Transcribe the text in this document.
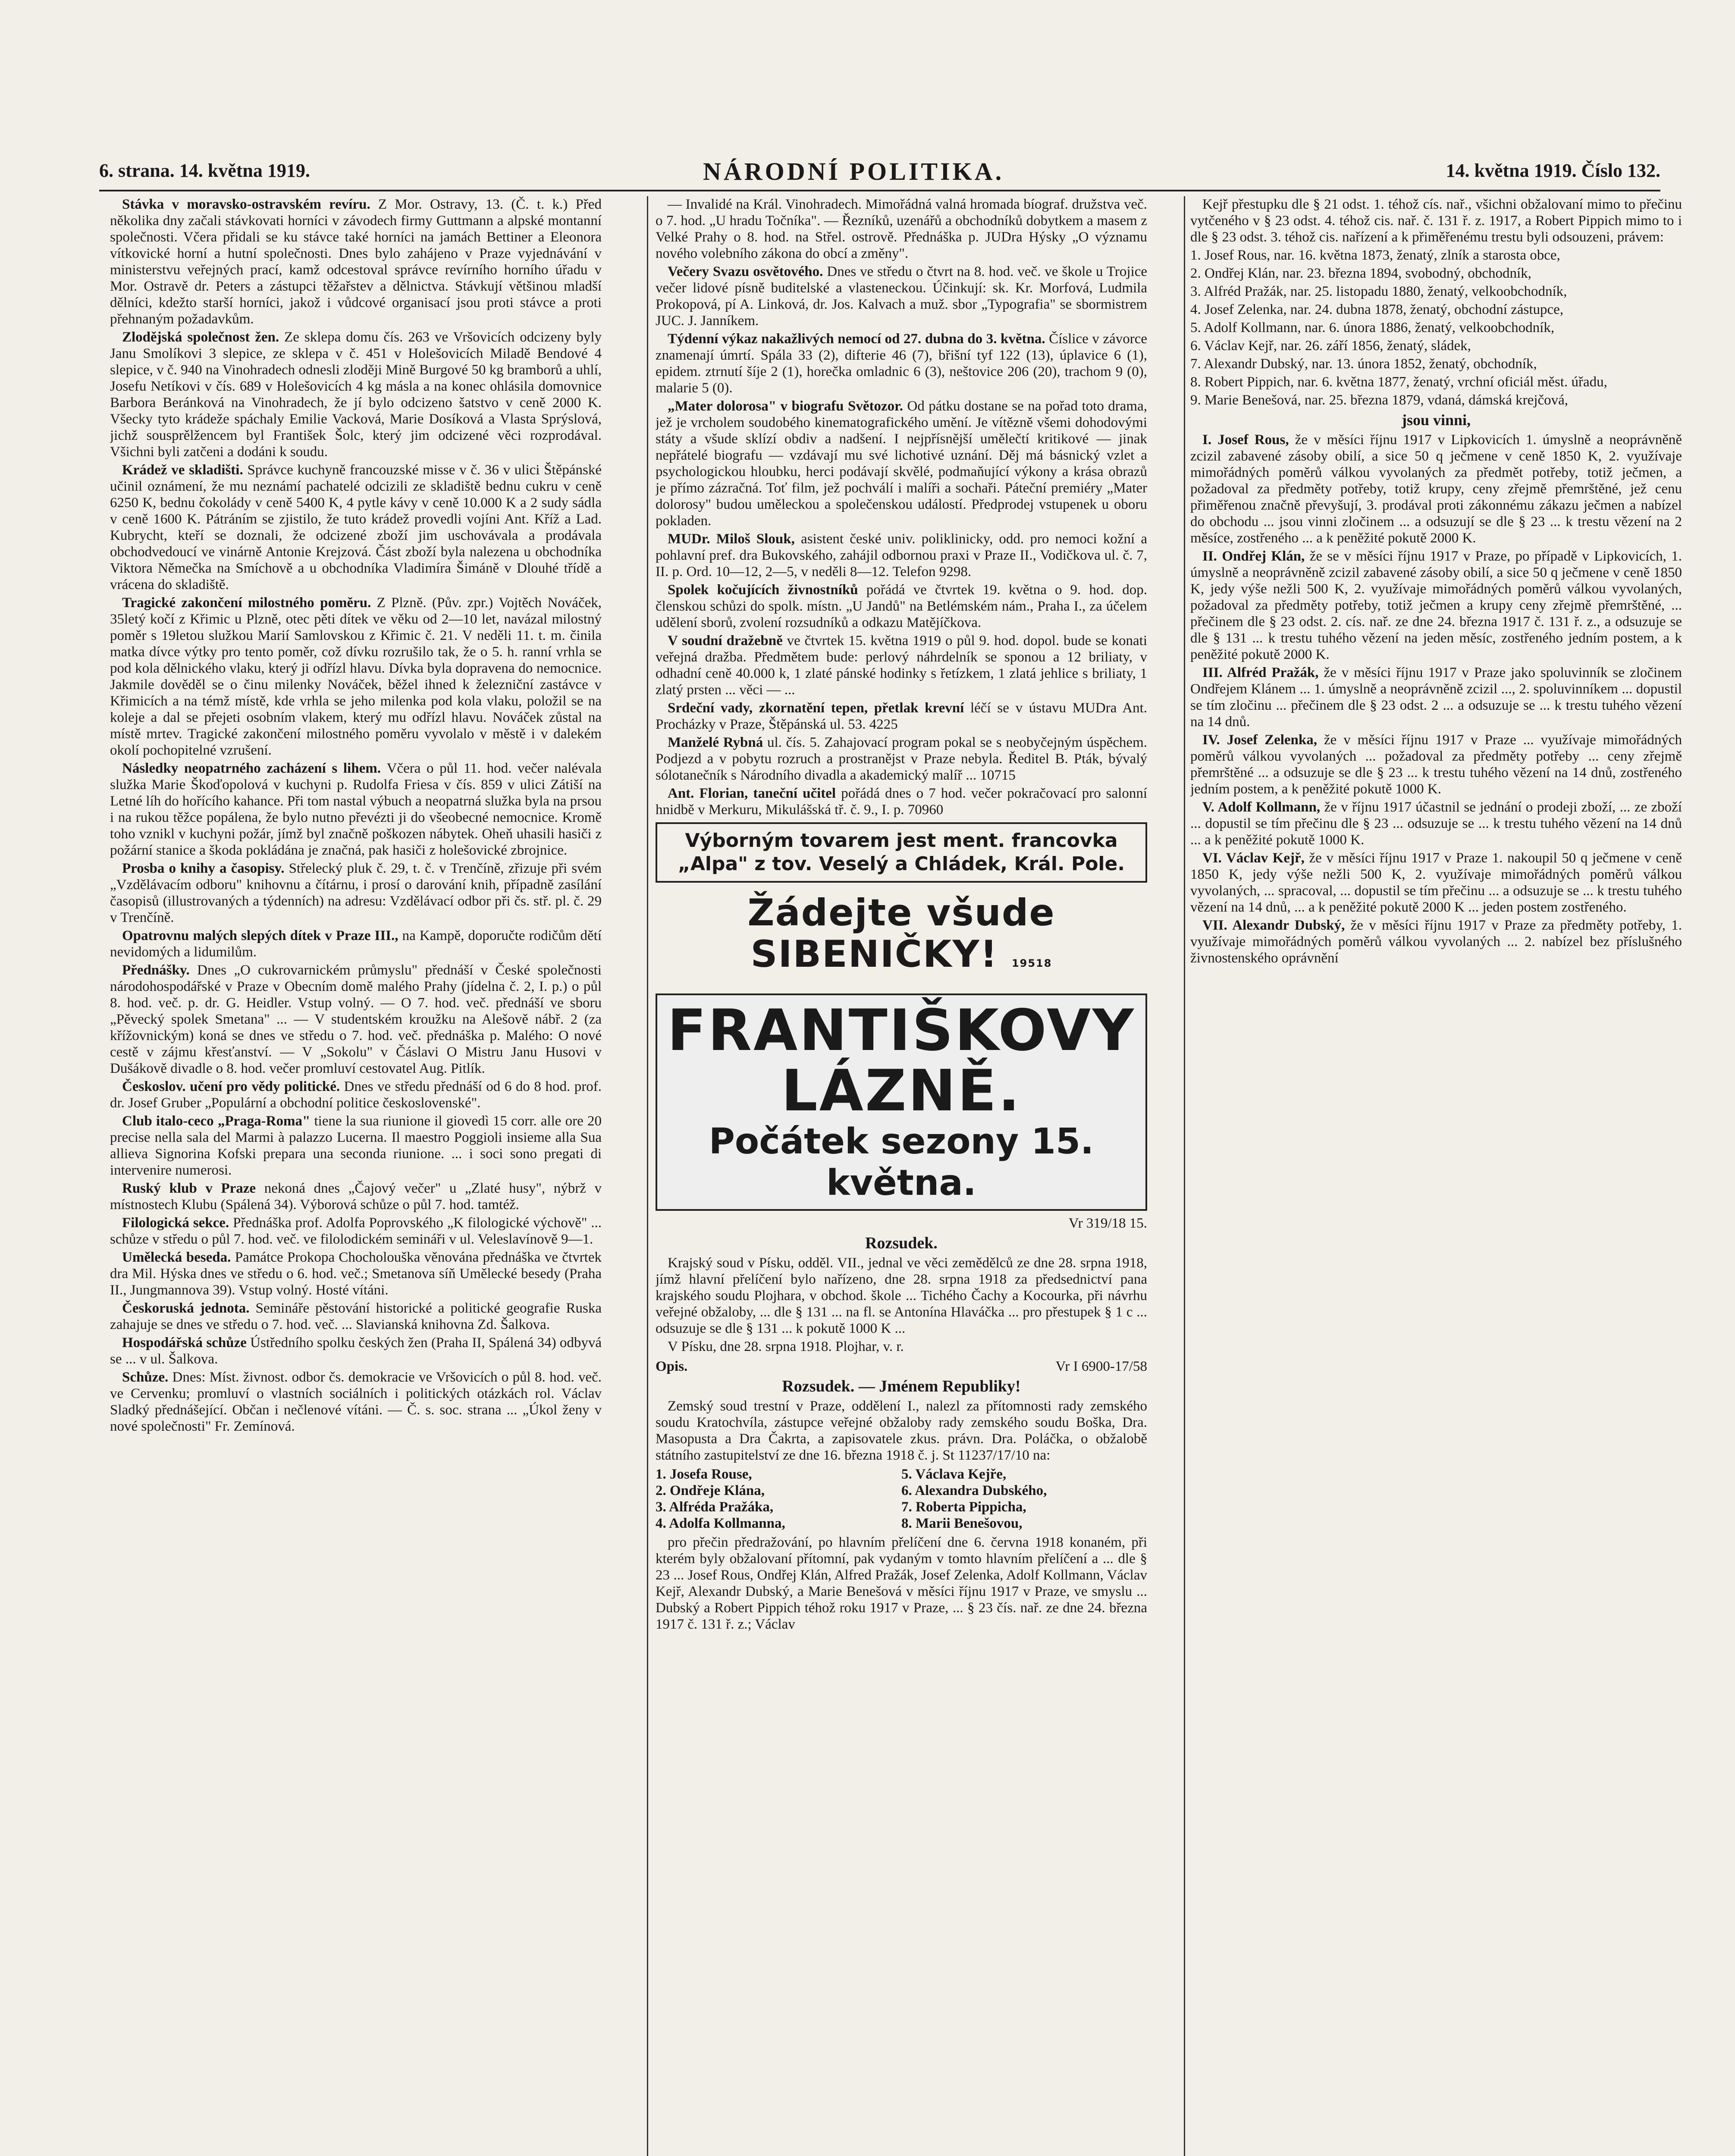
6. strana. 14. května 1919.	NÁRODNÍ POLITIKA.	14. května 1919. Číslo 132.

Stávka v moravsko-ostravském revíru. Z Mor. Ostravy, 13. (Č. t. k.) Před několika dny začali stávkovati horníci v závodech firmy Guttmann a alpské montanní společnosti. Včera přidali se ku stávce také horníci na jamách Bettiner a Eleonora vítkovické horní a hutní společnosti. Dnes bylo zahájeno v Praze vyjednávání v ministerstvu veřejných prací, kamž odcestoval správce revírního horního úřadu v Mor. Ostravě dr. Peters a zástupci těžařstev a dělnictva. Stávkují většinou mladší dělníci, kdežto starší horníci, jakož i vůdcové organisací jsou proti stávce a proti přehnaným požadavkům.

Zlodějská společnost žen. Ze sklepa domu čís. 263 ve Vršovicích odcizeny byly Janu Smolíkovi 3 slepice, ze sklepa v č. 451 v Holešovicích Miladě Bendové 4 slepice, v č. 940 na Vinohradech odnesli zloději Mině Burgové 50 kg bramborů a uhlí, Josefu Netíkovi v čís. 689 v Holešovicích 4 kg másla a na konec ohlásila domovnice Barbora Beránková na Vinohradech, že jí bylo odcizeno šatstvo v ceně 2000 K. Všecky tyto krádeže spáchaly Emilie Vacková, Marie Dosíková a Vlasta Sprýslová, jichž sousprělžencem byl František Šolc, který jim odcizené věci rozprodával. Všichni byli zatčeni a dodáni k soudu.

Krádež ve skladišti. Správce kuchyně francouzské misse v č. 36 v ulici Štěpánské učinil oznámení, že mu neznámí pachatelé odcizili ze skladiště bednu cukru v ceně 6250 K, bednu čokolády v ceně 5400 K, 4 pytle kávy v ceně 10.000 K a 2 sudy sádla v ceně 1600 K. Pátráním se zjistilo, že tuto krádež provedli vojíni Ant. Kříž a Lad. Kubrycht, kteří se doznali, že odcizené zboží jim uschovávala a prodávala obchodvedoucí ve vinárně Antonie Krejzová. Část zboží byla nalezena u obchodníka Viktora Němečka na Smíchově a u obchodníka Vladimíra Šimáně v Dlouhé třídě a vrácena do skladiště.

Tragické zakončení milostného poměru. Z Plzně. (Pův. zpr.) Vojtěch Nováček, 35letý kočí z Křimic u Plzně, otec pěti dítek ve věku od 2—10 let, navázal milostný poměr s 19letou služkou Marií Samlovskou z Křimic č. 21. V neděli 11. t. m. činila matka dívce výtky pro tento poměr, což dívku rozrušilo tak, že o 5. h. ranní vrhla se pod kola dělnického vlaku, který ji odřízl hlavu. Dívka byla dopravena do nemocnice. Jakmile dověděl se o činu milenky Nováček, běžel ihned k železniční zastávce v Křimicích a na témž místě, kde vrhla se jeho milenka pod kola vlaku, položil se na koleje a dal se přejeti osobním vlakem, který mu odřízl hlavu. Nováček zůstal na místě mrtev. Tragické zakončení milostného poměru vyvolalo v městě i v dalekém okolí pochopitelné vzrušení.

Následky neopatrného zacházení s lihem. Včera o půl 11. hod. večer nalévala služka Marie Škoďopolová v kuchyni p. Rudolfa Friesa v čís. 859 v ulici Zátiší na Letné líh do hořícího kahance. Při tom nastal výbuch a neopatrná služka byla na prsou i na rukou těžce popálena, že bylo nutno převézti ji do všeobecné nemocnice. Kromě toho vznikl v kuchyni požár, jímž byl značně poškozen nábytek. Oheň uhasili hasiči z požární stanice a škoda pokládána je značná, pak hasiči z holešovické zbrojnice.

Prosba o knihy a časopisy. Střelecký pluk č. 29, t. č. v Trenčíně, zřizuje při svém „Vzdělávacím odboru" knihovnu a čítárnu, i prosí o darování knih, případně zasílání časopisů (illustrovaných a týdenních) na adresu: Vzdělávací odbor při čs. stř. pl. č. 29 v Trenčíně.

Opatrovnu malých slepých dítek v Praze III., na Kampě, doporučte rodičům dětí nevidomých a lidumilům.

Přednášky. Dnes „O cukrovarnickém průmyslu" přednáší v České společnosti národohospodářské v Praze v Obecním domě malého Prahy (jídelna č. 2, I. p.) o půl 8. hod. več. p. dr. G. Heidler. Vstup volný. — O 7. hod. več. přednáší ve sboru „Pěvecký spolek Smetana" ... — V studentském kroužku na Alešově nábř. 2 (za křížovnickým) koná se dnes ve středu o 7. hod. več. přednáška p. Malého: O nové cestě v zájmu křesťanství. — V „Sokolu" v Čáslavi O Mistru Janu Husovi v Dušákově divadle o 8. hod. večer promluví cestovatel Aug. Pitlík.

Českoslov. učení pro vědy politické. Dnes ve středu přednáší od 6 do 8 hod. prof. dr. Josef Gruber „Populární a obchodní politice československé".

Club italo-ceco „Praga-Roma" tiene la sua riunione il giovedì 15 corr. alle ore 20 precise nella sala del Marmi à palazzo Lucerna. Il maestro Poggioli insieme alla Sua allieva Signorina Kofski prepara una seconda riunione. ... i soci sono pregati di intervenire numerosi.

Ruský klub v Praze nekoná dnes „Čajový večer" u „Zlaté husy", nýbrž v místnostech Klubu (Spálená 34). Výborová schůze o půl 7. hod. tamtéž.

Filologická sekce. Přednáška prof. Adolfa Poprovského „K filologické výchově" ... schůze v středu o půl 7. hod. več. ve filolodickém semináři v ul. Veleslavínově 9—1.

Umělecká beseda. Památce Prokopa Chocholouška věnována přednáška ve čtvrtek dra Mil. Hýska dnes ve středu o 6. hod. več.; Smetanova síň Umělecké besedy (Praha II., Jungmannova 39). Vstup volný. Hosté vítáni.

Českoruská jednota. Semináře pěstování historické a politické geografie Ruska zahajuje se dnes ve středu o 7. hod. več. ... Slavianská knihovna Zd. Šalkova.

Hospodářská schůze Ústředního spolku českých žen (Praha II, Spálená 34) odbyvá se ... v ul. Šalkova.

Schůze. Dnes: Míst. živnost. odbor čs. demokracie ve Vršovicích o půl 8. hod. več. ve Cervenku; promluví o vlastních sociálních i politických otázkách rol. Václav Sladký přednášející. Občan i nečlenové vítáni. — Č. s. soc. strana ... „Úkol ženy v nové společnosti" Fr. Zemínová.

— Invalidé na Král. Vinohradech. Mimořádná valná hromada bíograf. družstva več. o 7. hod. „U hradu Točníka". — Řezníků, uzenářů a obchodníků dobytkem a masem z Velké Prahy o 8. hod. na Střel. ostrově. Přednáška p. JUDra Hýsky „O významu nového volebního zákona do obcí a změny".

Večery Svazu osvětového. Dnes ve středu o čtvrt na 8. hod. več. ve škole u Trojice večer lidové písně buditelské a vlasteneckou. Účinkují: sk. Kr. Morfová, Ludmila Prokopová, pí A. Linková, dr. Jos. Kalvach a muž. sbor „Typografia" se sbormistrem JUC. J. Janníkem.

Týdenní výkaz nakažlivých nemocí od 27. dubna do 3. května. Číslice v závorce znamenají úmrtí. Spála 33 (2), difterie 46 (7), břišní tyf 122 (13), úplavice 6 (1), epidem. ztrnutí šíje 2 (1), horečka omladnic 6 (3), neštovice 206 (20), trachom 9 (0), malarie 5 (0).

„Mater dolorosa" v biografu Světozor. Od pátku dostane se na pořad toto drama, jež je vrcholem soudobého kinematografického umění. Je vítězně všemi dohodovými státy a všude sklízí obdiv a nadšení. I nejpřísnější umělečtí kritikové — jinak nepřátelé biografu — vzdávají mu své lichotivé uznání. Děj má básnický vzlet a psychologickou hloubku, herci podávají skvělé, podmaňující výkony a krása obrazů je přímo zázračná. Toť film, jež pochválí i malíři a sochaři. Páteční premiéry „Mater dolorosy" budou uměleckou a společenskou událostí. Předprodej vstupenek u oboru pokladen.

MUDr. Miloš Slouk, asistent české univ. poliklinicky, odd. pro nemoci kožní a pohlavní pref. dra Bukovského, zahájil odbornou praxi v Praze II., Vodičkova ul. č. 7, II. p. Ord. 10—12, 2—5, v neděli 8—12. Telefon 9298.

Spolek kočujících živnostníků pořádá ve čtvrtek 19. května o 9. hod. dop. členskou schůzi do spolk. místn. „U Jandů" na Betlémském nám., Praha I., za účelem udělení sborů, zvolení rozsudníků a odkazu Matějíčkova.

V soudní dražebně ve čtvrtek 15. května 1919 o půl 9. hod. dopol. bude se konati veřejná dražba. Předmětem bude: perlový náhrdelník se sponou a 12 briliaty, v odhadní ceně 40.000 k, 1 zlaté pánské hodinky s řetízkem, 1 zlatá jehlice s briliaty, 1 zlatý prsten ... věci — ...

Srdeční vady, zkornatění tepen, přetlak krevní léčí se v ústavu MUDra Ant. Procházky v Praze, Štěpánská ul. 53. 4225

Manželé Rybná ul. čís. 5. Zahajovací program pokal se s neobyčejným úspěchem. Podjezd a v pobytu rozruch a prostranějst v Praze nebyla. Ředitel B. Pták, bývalý sólotanečník s Národního divadla a akademický malíř ... 10715

Ant. Florian, taneční učitel pořádá dnes o 7 hod. večer pokračovací pro salonní hnidbě v Merkuru, Mikulášská tř. č. 9., I. p. 70960

Výborným tovarem jest ment. francovka „Alpa" z tov. Veselý a Chládek, Král. Pole.
Žádejte všude SIBENIČKY! 19518
FRANTIŠKOVY LÁZNĚ.
Počátek sezony 15. května.
Vr 319/18 15.
Rozsudek.

Krajský soud v Písku, odděl. VII., jednal ve věci zemědělců ze dne 28. srpna 1918, jímž hlavní přelíčení bylo nařízeno, dne 28. srpna 1918 za předsednictví pana krajského soudu Plojhara, v obchod. škole ... Tichého Čachy a Kocourka, při návrhu veřejné obžaloby, ... dle § 131 ... na fl. se Antonína Hlaváčka ... pro přestupek § 1 c ... odsuzuje se dle § 131 ... k pokutě 1000 K ...

V Písku, dne 28. srpna 1918. Plojhar, v. r.

Opis.	Vr I 6900-17/58
Rozsudek. — Jménem Republiky!

Zemský soud trestní v Praze, oddělení I., nalezl za přítomnosti rady zemského soudu Kratochvíla, zástupce veřejné obžaloby rady zemského soudu Boška, Dra. Masopusta a Dra Čakrta, a zapisovatele zkus. právn. Dra. Poláčka, o obžalobě státního zastupitelství ze dne 16. března 1918 č. j. St 11237/17/10 na:

1. Josefa Rouse,	5. Václava Kejře,
2. Ondřeje Klána,	6. Alexandra Dubského,
3. Alfréda Pražáka,	7. Roberta Pippicha,
4. Adolfa Kollmanna,	8. Marii Benešovou,

pro přečin předražování, po hlavním přelíčení dne 6. června 1918 konaném, při kterém byly obžalovaní přítomní, pak vydaným v tomto hlavním přelíčení a ... dle § 23 ... Josef Rous, Ondřej Klán, Alfred Pražák, Josef Zelenka, Adolf Kollmann, Václav Kejř, Alexandr Dubský, a Marie Benešová v měsíci říjnu 1917 v Praze, ve smyslu ... Dubský a Robert Pippich téhož roku 1917 v Praze, ... § 23 čís. nař. ze dne 24. března 1917 č. 131 ř. z.; Václav

Kejř přestupku dle § 21 odst. 1. téhož cís. nař., všichni obžalovaní mimo to přečinu vytčeného v § 23 odst. 4. téhož cis. nař. č. 131 ř. z. 1917, a Robert Pippich mimo to i dle § 23 odst. 3. téhož cis. nařízení a k přiměřenému trestu byli odsouzeni, právem:

1. Josef Rous, nar. 16. května 1873, ženatý, zlník a starosta obce,
2. Ondřej Klán, nar. 23. března 1894, svobodný, obchodník,
3. Alfréd Pražák, nar. 25. listopadu 1880, ženatý, velkoobchodník,
4. Josef Zelenka, nar. 24. dubna 1878, ženatý, obchodní zástupce,
5. Adolf Kollmann, nar. 6. února 1886, ženatý, velkoobchodník,
6. Václav Kejř, nar. 26. září 1856, ženatý, sládek,
7. Alexandr Dubský, nar. 13. února 1852, ženatý, obchodník,
8. Robert Pippich, nar. 6. května 1877, ženatý, vrchní oficiál měst. úřadu,
9. Marie Benešová, nar. 25. března 1879, vdaná, dámská krejčová,
jsou vinni,

I. Josef Rous, že v měsíci říjnu 1917 v Lipkovicích 1. úmyslně a neoprávněně zcizil zabavené zásoby obilí, a sice 50 q ječmene v ceně 1850 K, 2. využívaje mimořádných poměrů válkou vyvolaných za předmět potřeby, totiž ječmen, a požadoval za předměty potřeby, totiž krupy, ceny zřejmě přemrštěné, jež cenu přiměřenou značně převyšují, 3. prodával proti zákonnému zákazu ječmen a nabízel do obchodu ... jsou vinni zločinem ... a odsuzují se dle § 23 ... k trestu vězení na 2 měsíce, zostřeného ... a k peněžité pokutě 2000 K.

II. Ondřej Klán, že se v měsíci říjnu 1917 v Praze, po případě v Lipkovicích, 1. úmyslně a neoprávněně zcizil zabavené zásoby obilí, a sice 50 q ječmene v ceně 1850 K, jedy výše nežli 500 K, 2. využívaje mimořádných poměrů válkou vyvolaných, požadoval za předměty potřeby, totiž ječmen a krupy ceny zřejmě přemrštěné, ... přečinem dle § 23 odst. 2. cís. nař. ze dne 24. března 1917 č. 131 ř. z., a odsuzuje se dle § 131 ... k trestu tuhého vězení na jeden měsíc, zostřeného jedním postem, a k peněžité pokutě 2000 K.

III. Alfréd Pražák, že v měsíci říjnu 1917 v Praze jako spoluvinník se zločinem Ondřejem Klánem ... 1. úmyslně a neoprávněně zcizil ..., 2. spoluvinníkem ... dopustil se tím zločinu ... přečinem dle § 23 odst. 2 ... a odsuzuje se ... k trestu tuhého vězení na 14 dnů.

IV. Josef Zelenka, že v měsíci říjnu 1917 v Praze ... využívaje mimořádných poměrů válkou vyvolaných ... požadoval za předměty potřeby ... ceny zřejmě přemrštěné ... a odsuzuje se dle § 23 ... k trestu tuhého vězení na 14 dnů, zostřeného jedním postem, a k peněžité pokutě 1000 K.

V. Adolf Kollmann, že v říjnu 1917 účastnil se jednání o prodeji zboží, ... ze zboží ... dopustil se tím přečinu dle § 23 ... odsuzuje se ... k trestu tuhého vězení na 14 dnů ... a k peněžité pokutě 1000 K.

VI. Václav Kejř, že v měsíci říjnu 1917 v Praze 1. nakoupil 50 q ječmene v ceně 1850 K, jedy výše nežli 500 K, 2. využívaje mimořádných poměrů válkou vyvolaných, ... spracoval, ... dopustil se tím přečinu ... a odsuzuje se ... k trestu tuhého vězení na 14 dnů, ... a k peněžité pokutě 2000 K ... jeden postem zostřeného.

VII. Alexandr Dubský, že v měsíci říjnu 1917 v Praze za předměty potřeby, 1. využívaje mimořádných poměrů válkou vyvolaných ... 2. nabízel bez příslušného živnostenského oprávnění
